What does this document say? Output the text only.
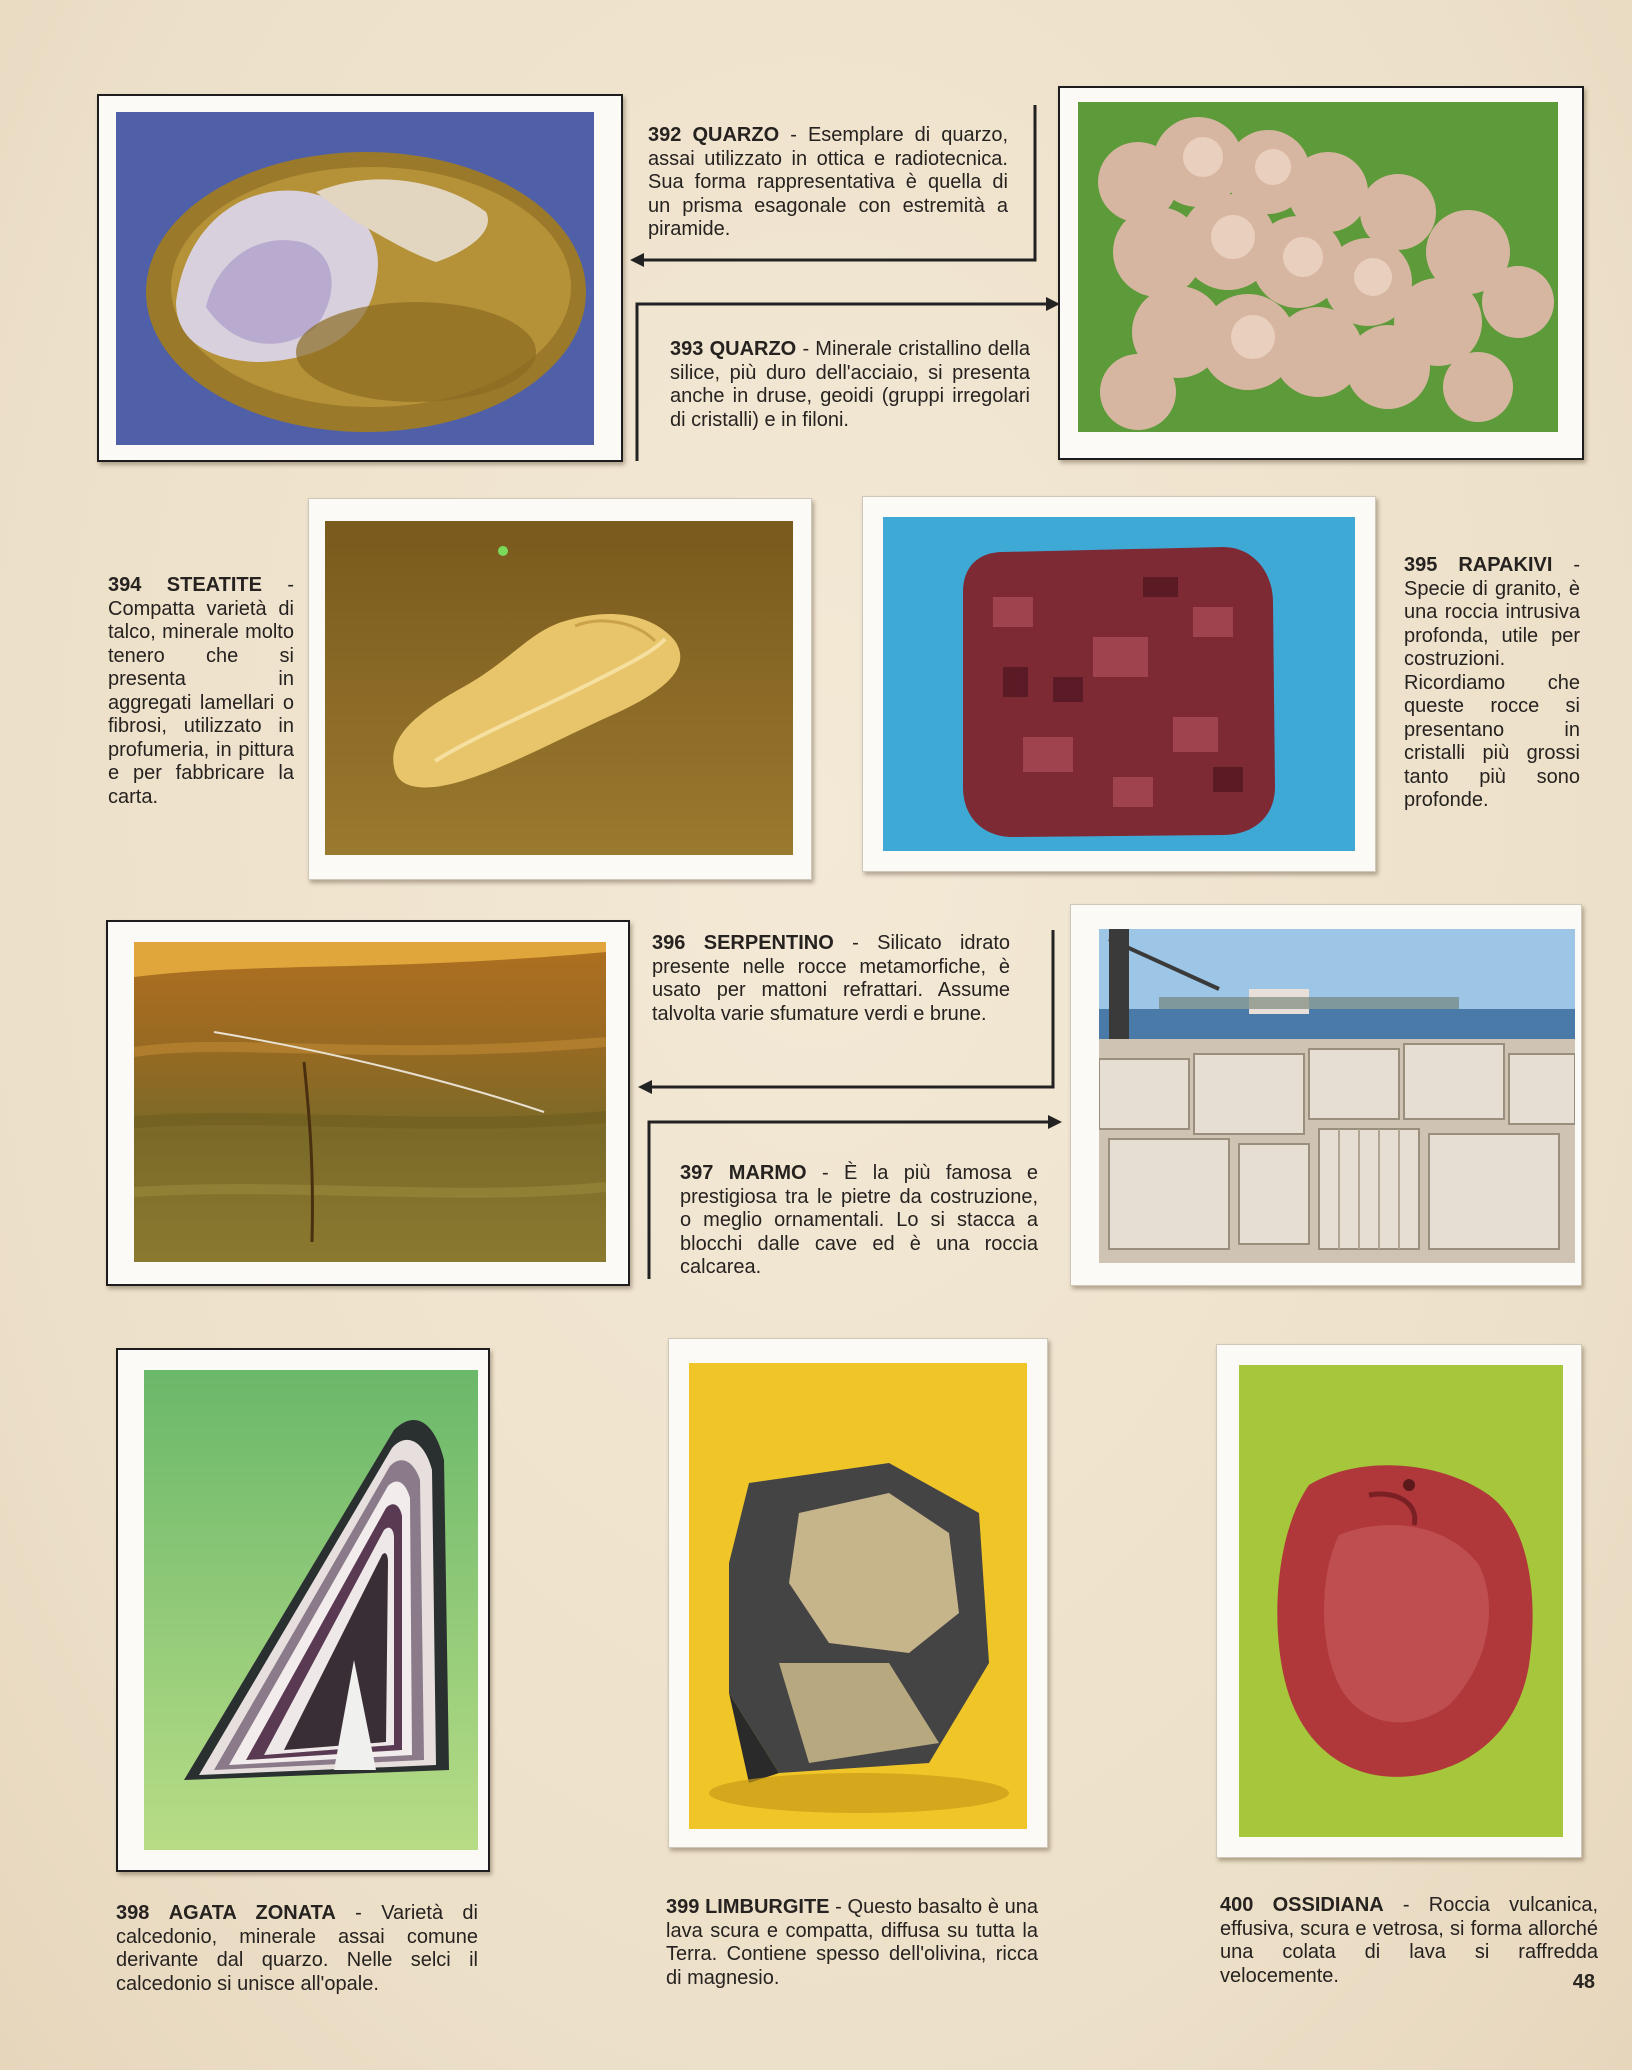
392 QUARZO - Esemplare di quarzo, assai utilizzato in ottica e radiotecnica. Sua forma rappresentativa è quella di un prisma esagonale con estremità a piramide.
393 QUARZO - Minerale cristallino della silice, più duro dell'acciaio, si presenta anche in druse, geoidi (gruppi irregolari di cristalli) e in filoni.
394 STEATITE - Compatta varietà di talco, minerale molto tenero che si presenta in aggregati lamellari o fibrosi, utilizzato in profumeria, in pittura e per fabbricare la carta.
395 RAPAKIVI - Specie di granito, è una roccia intrusiva profonda, utile per costruzioni. Ricordiamo che queste rocce si presentano in cristalli più grossi tanto più sono profonde.
396 SERPENTINO - Silicato idrato presente nelle rocce metamorfiche, è usato per mattoni refrattari. Assume talvolta varie sfumature verdi e brune.
397 MARMO - È la più famosa e prestigiosa tra le pietre da costruzione, o meglio ornamentali. Lo si stacca a blocchi dalle cave ed è una roccia calcarea.
398 AGATA ZONATA - Varietà di calcedonio, minerale assai comune derivante dal quarzo. Nelle selci il calcedonio si unisce all'opale.
399 LIMBURGITE - Questo basalto è una lava scura e compatta, diffusa su tutta la Terra. Contiene spesso dell'olivina, ricca di magnesio.
400 OSSIDIANA - Roccia vulcanica, effusiva, scura e vetrosa, si forma allorché una colata di lava si raffredda velocemente.	48
